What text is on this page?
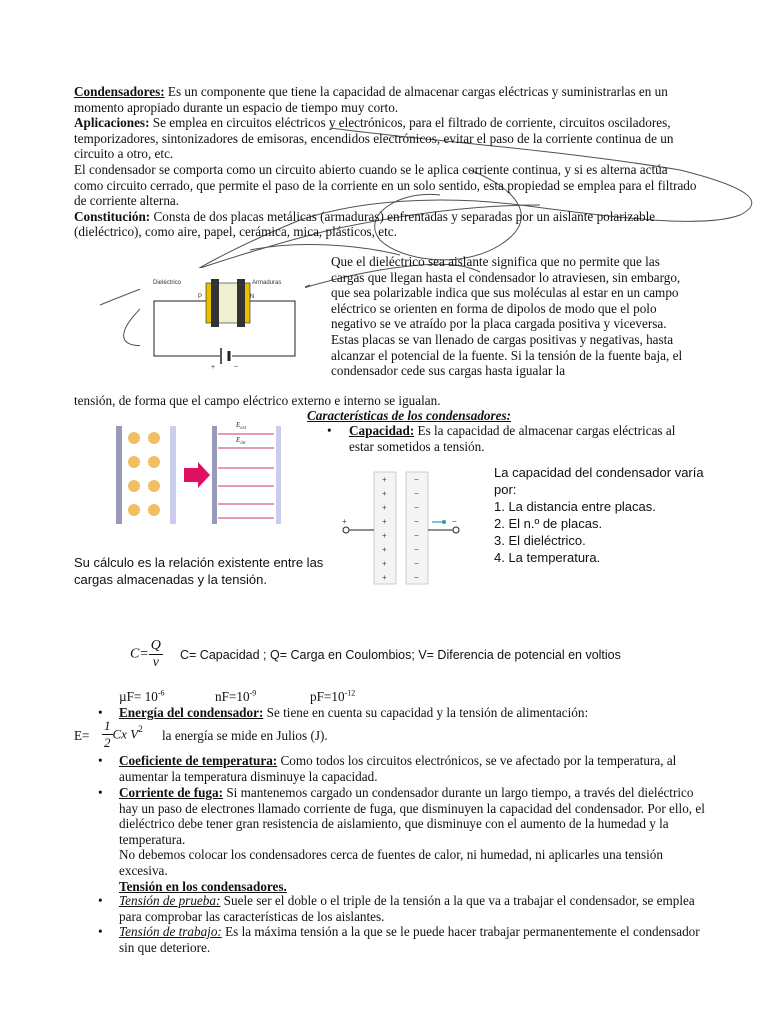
Condensadores: Es un componente que tiene la capacidad de almacenar cargas eléctricas y suministrarlas en un momento apropiado durante un espacio de tiempo muy corto.
Aplicaciones: Se emplea en circuitos eléctricos y electrónicos, para el filtrado de corriente, circuitos osciladores, temporizadores, sintonizadores de emisoras, encendidos electrónicos, evitar el paso de la corriente continua de un circuito a otro, etc.
El condensador se comporta como un circuito abierto cuando se le aplica corriente continua, y si es alterna actúa como circuito cerrado, que permite el paso de la corriente en un solo sentido, esta propiedad se emplea para el filtrado de corriente alterna.
Constitución: Consta de dos placas metálicas (armaduras) enfrentadas y separadas por un aislante polarizable (dieléctrico), como aire, papel, cerámica, mica, plásticos, etc.
Dieléctrico	Armaduras
P	N
+	−
Que el dieléctrico sea aislante significa que no permite que las cargas que llegan hasta el condensador lo atraviesen, sin embargo, que sea polarizable indica que sus moléculas al estar en un campo eléctrico se orienten en forma de dipolos de modo que el polo negativo se ve atraído por la placa cargada positiva y viceversa.
Estas placas se van llenado de cargas positivas y negativas, hasta alcanzar el potencial de la fuente. Si la tensión de la fuente baja, el condensador cede sus cargas hasta igualar la
tensión, de forma que el campo eléctrico externo e interno se igualan.
Características de los condensadores:
• Capacidad: Es la capacidad de almacenar cargas eléctricas al estar sometidos a tensión.
$E_{ext}$
$E_{int}$
+
+
+
+
+
+
+
+
−
−
−
−
−
−
−
−
+	−
La capacidad del condensador varía por:
1. La distancia entre placas.
2. El n.º de placas.
3. El dieléctrico.
4. La temperatura.
Su cálculo es la relación existente entre las cargas almacenadas y la tensión.
$C= \frac{Q}{v} C=$ Capacidad ; Q= Carga en Coulombios; V= Diferencia de potencial en voltios
$\mu F= 10^{-6}$	$nF=10^{-9}$	$pF=10^{-12}$
• Energía del condensador: Se tiene en cuenta su capacidad y la tensión de alimentación:
$E= \frac{1}{2}$ Cx $V^2$ la energía se mide en Julios (J).
• Coeficiente de temperatura: Como todos los circuitos electrónicos, se ve afectado por la temperatura, al aumentar la temperatura disminuye la capacidad.
• Corriente de fuga: Si mantenemos cargado un condensador durante un largo tiempo, a través del dieléctrico hay un paso de electrones llamado corriente de fuga, que disminuyen la capacidad del condensador. Por ello, el dieléctrico debe tener gran resistencia de aislamiento, que disminuye con el aumento de la humedad y la temperatura.
No debemos colocar los condensadores cerca de fuentes de calor, ni humedad, ni aplicarles una tensión excesiva.
Tensión en los condensadores.
• Tensión de prueba: Suele ser el doble o el triple de la tensión a la que va a trabajar el condensador, se emplea para comprobar las características de los aislantes.
• Tensión de trabajo: Es la máxima tensión a la que se le puede hacer trabajar permanentemente el condensador sin que deteriore.
